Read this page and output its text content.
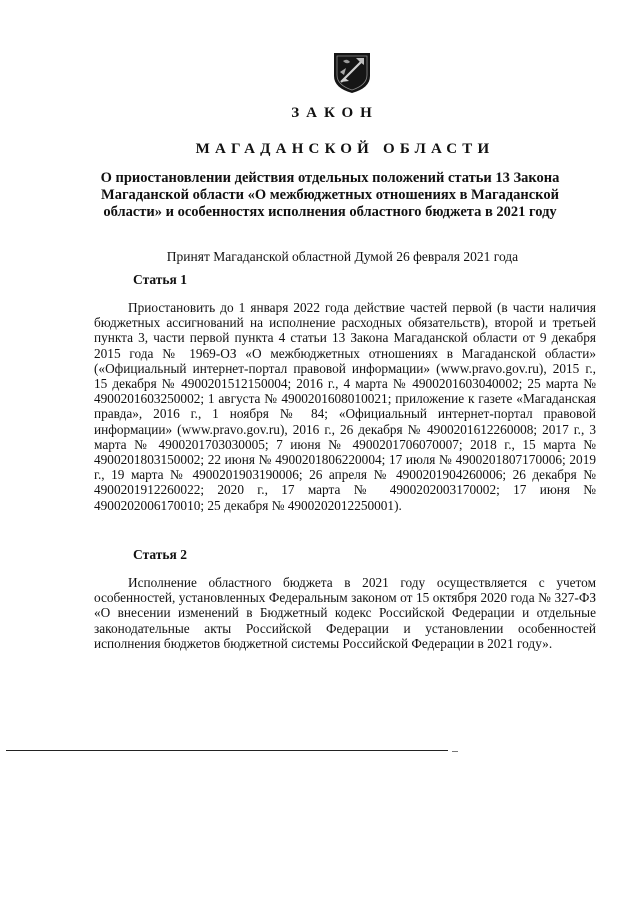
ЗАКОН
МАГАДАНСКОЙ ОБЛАСТИ
О приостановлении действия отдельных положений статьи 13 Закона Магаданской области «О межбюджетных отношениях в Магаданской области» и особенностях исполнения областного бюджета в 2021 году
Принят Магаданской областной Думой 26 февраля 2021 года
Статья 1
Приостановить до 1 января 2022 года действие частей первой (в части наличия бюджетных ассигнований на исполнение расходных обязательств), второй и третьей пункта 3, части первой пункта 4 статьи 13 Закона Магаданской области от 9 декабря 2015 года № 1969-ОЗ «О межбюджетных отношениях в Магаданской области» («Официальный интернет-портал правовой информации» (www.pravo.gov.ru), 2015 г., 15 декабря № 4900201512150004; 2016 г., 4 марта № 4900201603040002; 25 марта № 4900201603250002; 1 августа № 4900201608010021; приложение к газете «Магаданская правда», 2016 г., 1 ноября № 84; «Официальный интернет-портал правовой информации» (www.pravo.gov.ru), 2016 г., 26 декабря № 4900201612260008; 2017 г., 3 марта № 4900201703030005; 7 июня № 4900201706070007; 2018 г., 15 марта № 4900201803150002; 22 июня № 4900201806220004; 17 июля № 4900201807170006; 2019 г., 19 марта № 4900201903190006; 26 апреля № 4900201904260006; 26 декабря № 4900201912260022; 2020 г., 17 марта № 4900202003170002; 17 июня № 4900202006170010; 25 декабря № 4900202012250001).
Статья 2
Исполнение областного бюджета в 2021 году осуществляется с учетом особенностей, установленных Федеральным законом от 15 октября 2020 года № 327-ФЗ «О внесении изменений в Бюджетный кодекс Российской Федерации и отдельные законодательные акты Российской Федерации и установлении особенностей исполнения бюджетов бюджетной системы Российской Федерации в 2021 году».
